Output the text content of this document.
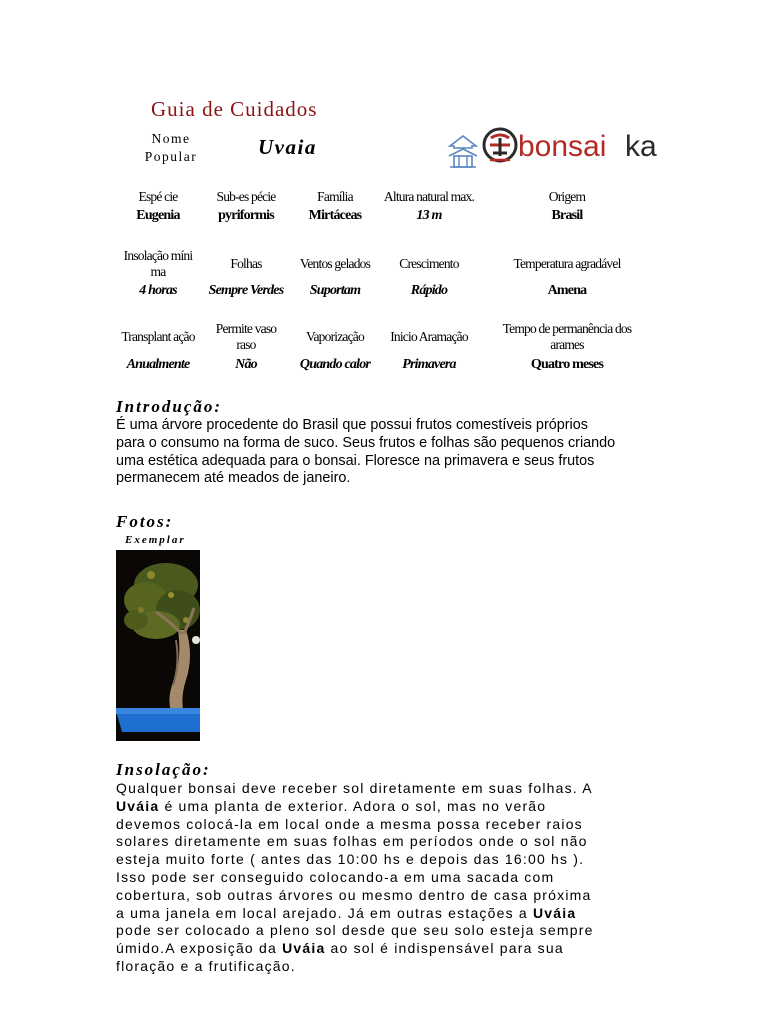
Guia de Cuidados
Nome
Popular	Uvaia	bonsai ka
Espé cie
Eugenia
Sub-es pécie
pyriformis
Família
Mirtáceas
Altura natural max.
13 m
Origem
Brasil
Insolação míni
ma
4 horas
Folhas
Sempre Verdes
Ventos gelados
Suportam
Crescimento
Rápido
Temperatura agradável
Amena
Transplant ação
Anualmente
Permite vaso
raso
Não
Vaporização
Quando calor
Inicio Aramação
Primavera
Tempo de permanência dos
arames
Quatro meses
Introdução:
É uma árvore procedente do Brasil que possui frutos comestíveis próprios
para o consumo na forma de suco. Seus frutos e folhas são pequenos criando
uma estética adequada para o bonsai. Floresce na primavera e seus frutos
permanecem até meados de janeiro.
Fotos:
Exemplar
Insolação:
Qualquer bonsai deve receber sol diretamente em suas folhas. A
Uváia é uma planta de exterior. Adora o sol, mas no verão
devemos colocá-la em local onde a mesma possa receber raios
solares diretamente em suas folhas em períodos onde o sol não
esteja muito forte ( antes das 10:00 hs e depois das 16:00 hs ).
Isso pode ser conseguido colocando-a em uma sacada com
cobertura, sob outras árvores ou mesmo dentro de casa próxima
a uma janela em local arejado. Já em outras estações a Uváia
pode ser colocado a pleno sol desde que seu solo esteja sempre
úmido.A exposição da Uváia ao sol é indispensável para sua
floração e a frutificação.
